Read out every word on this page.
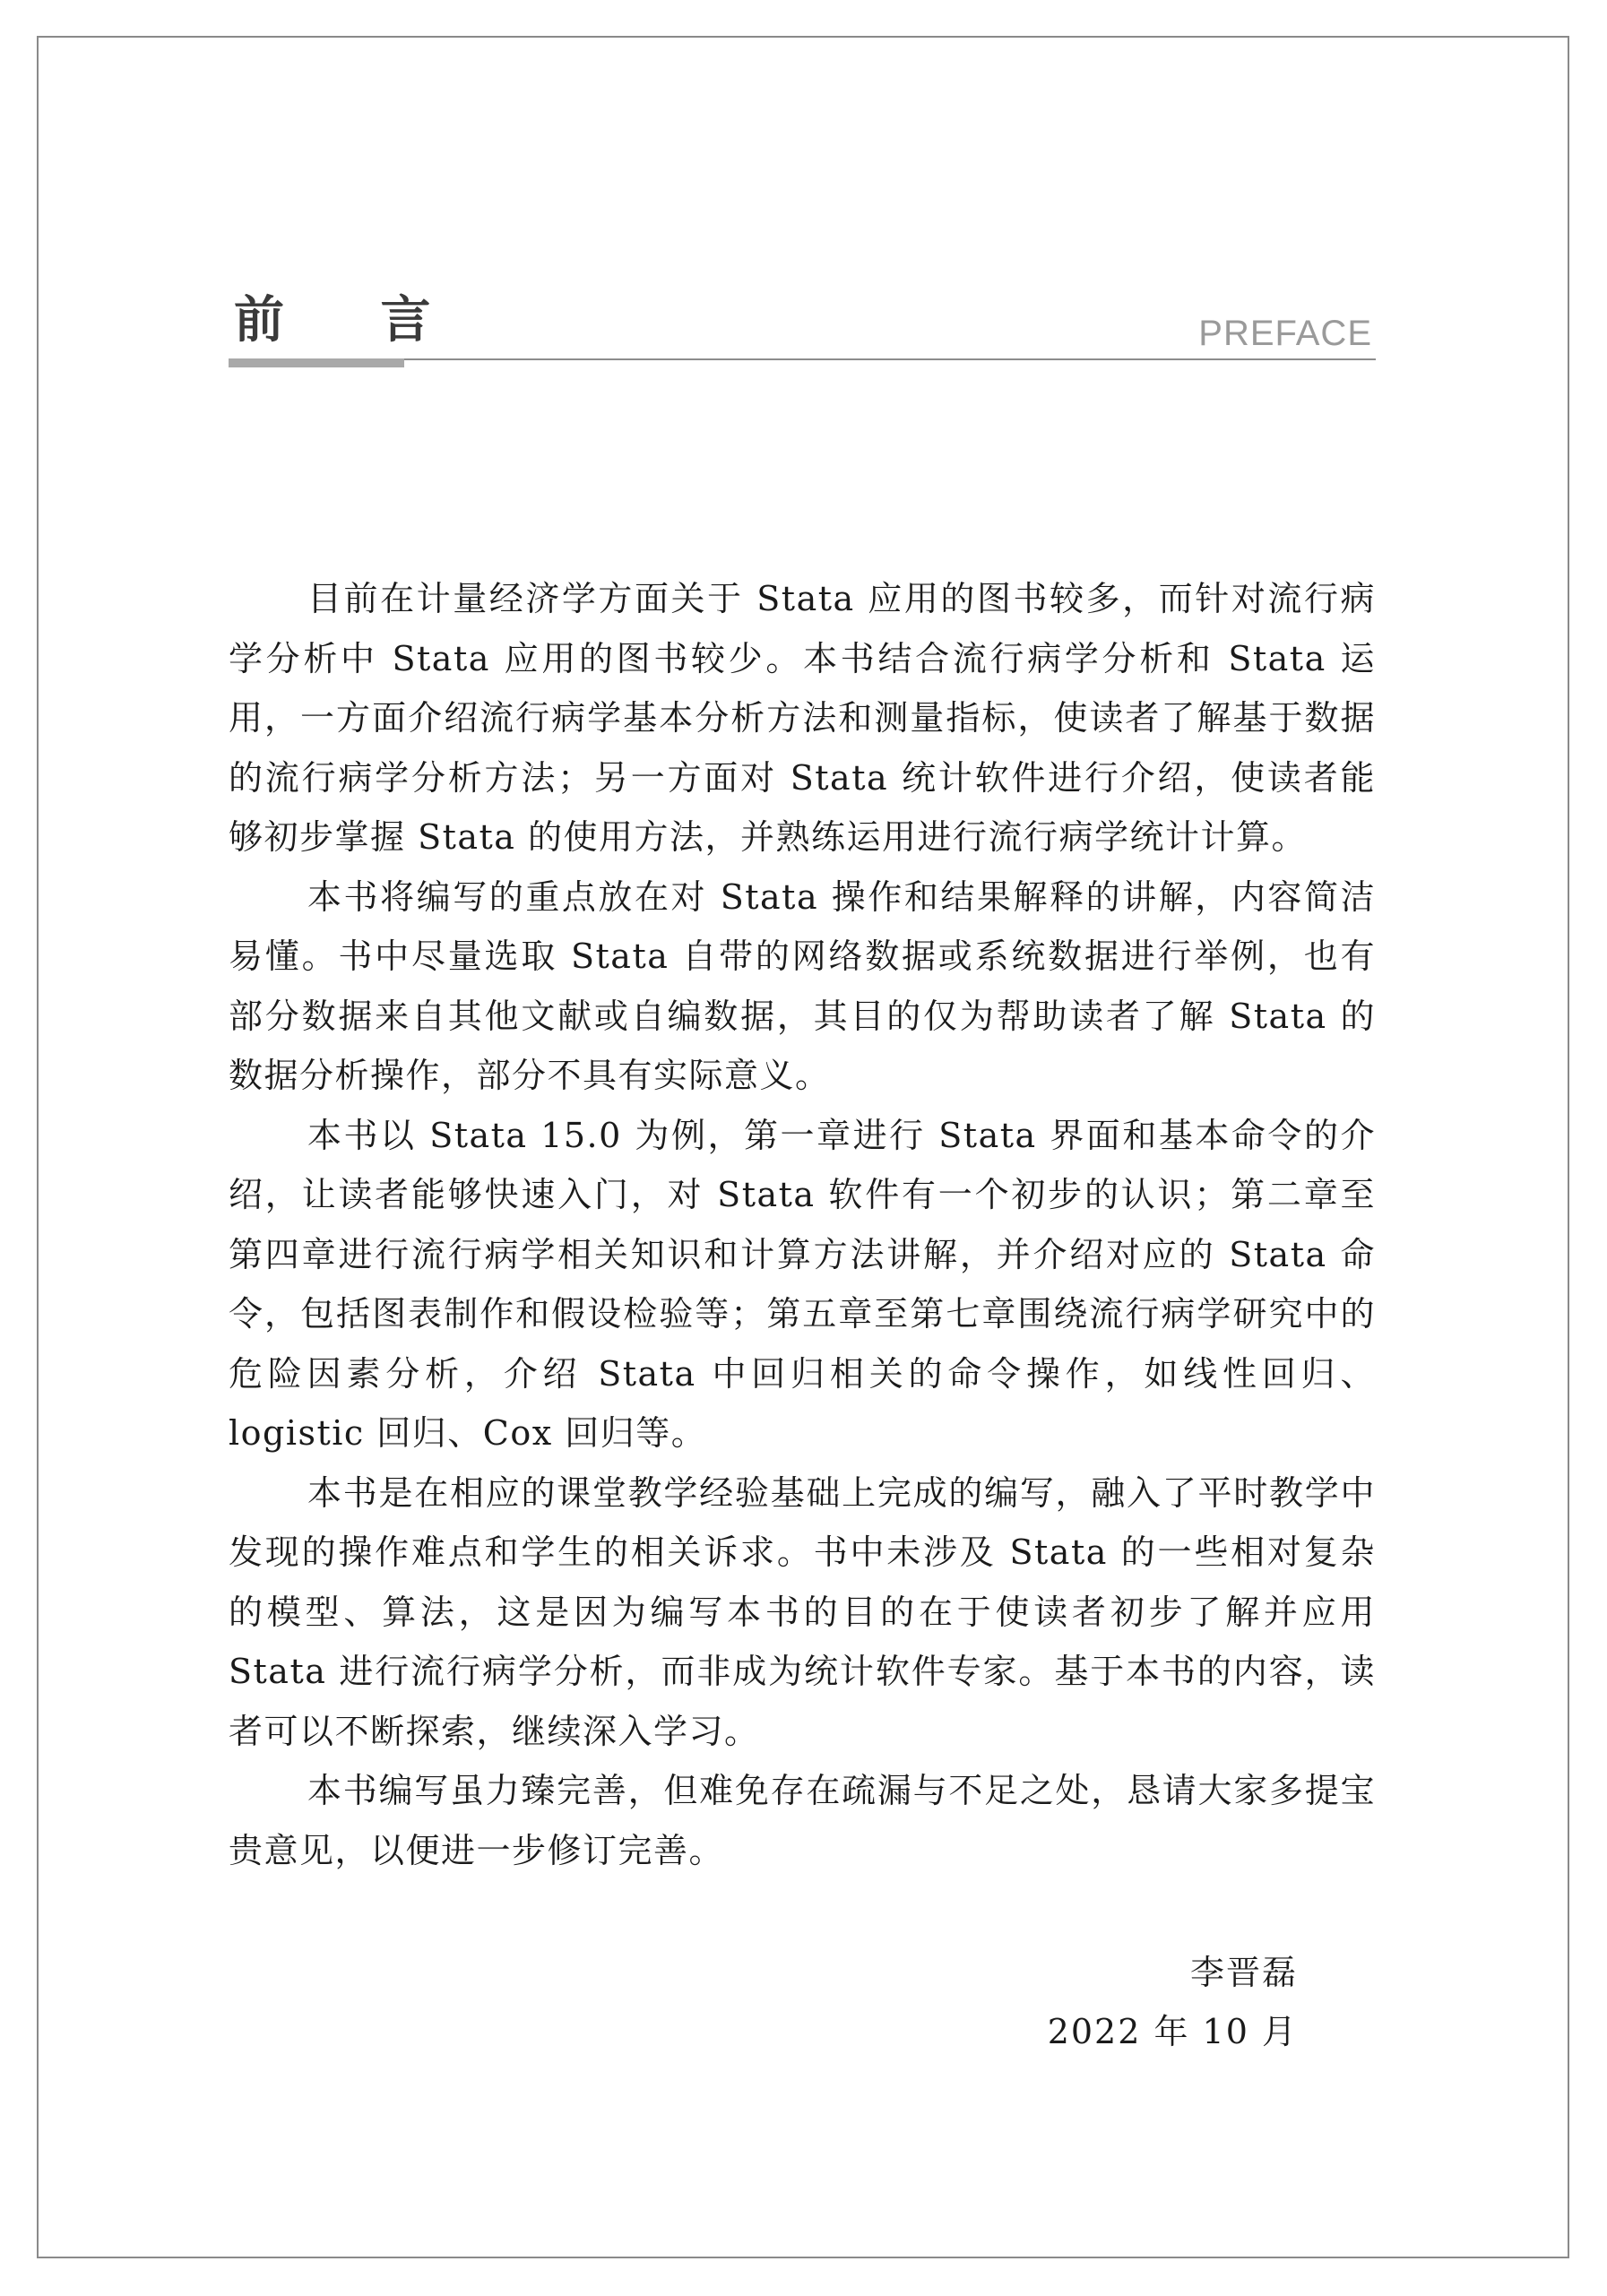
前 言	PREFACE

目前在计量经济学方面关于 Stata 应用的图书较多，而针对流行病学分析中 Stata 应用的图书较少。本书结合流行病学分析和 Stata 运用，一方面介绍流行病学基本分析方法和测量指标，使读者了解基于数据的流行病学分析方法；另一方面对 Stata 统计软件进行介绍，使读者能够初步掌握 Stata 的使用方法，并熟练运用进行流行病学统计计算。

本书将编写的重点放在对 Stata 操作和结果解释的讲解，内容简洁易懂。书中尽量选取 Stata 自带的网络数据或系统数据进行举例，也有部分数据来自其他文献或自编数据，其目的仅为帮助读者了解 Stata 的数据分析操作，部分不具有实际意义。

本书以 Stata 15.0 为例，第一章进行 Stata 界面和基本命令的介绍，让读者能够快速入门，对 Stata 软件有一个初步的认识；第二章至第四章进行流行病学相关知识和计算方法讲解，并介绍对应的 Stata 命令，包括图表制作和假设检验等；第五章至第七章围绕流行病学研究中的危险因素分析，介绍 Stata 中回归相关的命令操作，如线性回归、logistic 回归、Cox 回归等。

本书是在相应的课堂教学经验基础上完成的编写，融入了平时教学中发现的操作难点和学生的相关诉求。书中未涉及 Stata 的一些相对复杂的模型、算法，这是因为编写本书的目的在于使读者初步了解并应用 Stata 进行流行病学分析，而非成为统计软件专家。基于本书的内容，读者可以不断探索，继续深入学习。

本书编写虽力臻完善，但难免存在疏漏与不足之处，恳请大家多提宝贵意见，以便进一步修订完善。

李晋磊
2022 年 10 月
